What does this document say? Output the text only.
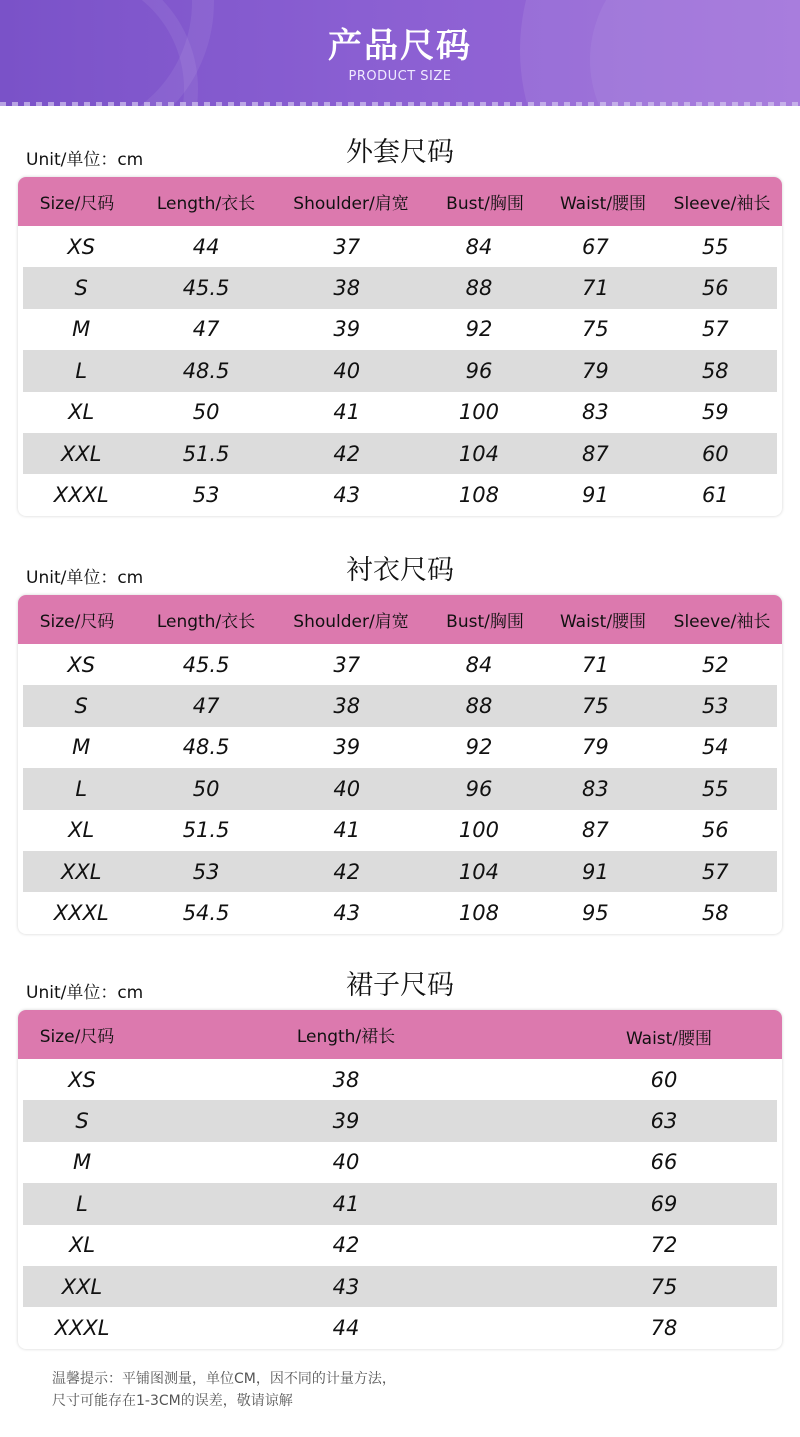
产品尺码
PRODUCT SIZE
Unit/单位：cm	外套尺码
Size/尺码	Length/衣长	Shoulder/肩宽	Bust/胸围	Waist/腰围	Sleeve/袖长
XS	44	37	84	67	55
S	45.5	38	88	71	56
M	47	39	92	75	57
L	48.5	40	96	79	58
XL	50	41	100	83	59
XXL	51.5	42	104	87	60
XXXL	53	43	108	91	61
Unit/单位：cm	衬衣尺码
Size/尺码	Length/衣长	Shoulder/肩宽	Bust/胸围	Waist/腰围	Sleeve/袖长
XS	45.5	37	84	71	52
S	47	38	88	75	53
M	48.5	39	92	79	54
L	50	40	96	83	55
XL	51.5	41	100	87	56
XXL	53	42	104	91	57
XXXL	54.5	43	108	95	58
Unit/单位：cm	裙子尺码
Size/尺码	Length/裙长	Waist/腰围
XS	38	60
S	39	63
M	40	66
L	41	69
XL	42	72
XXL	43	75
XXXL	44	78
温馨提示：平铺图测量，单位CM，因不同的计量方法，
尺寸可能存在1-3CM的误差，敬请谅解
